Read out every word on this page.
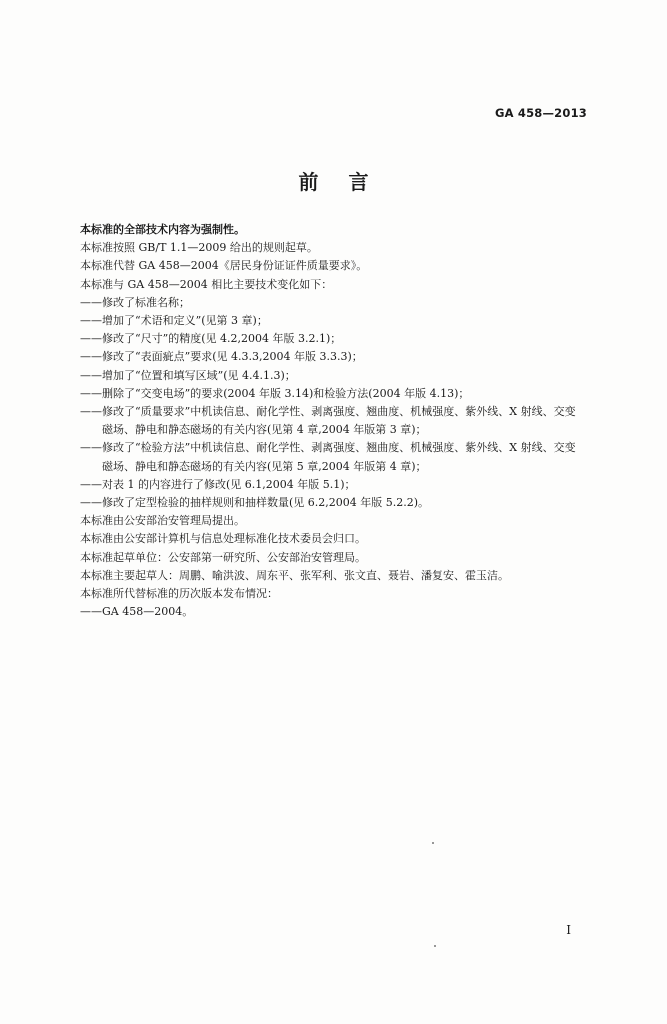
GA 458—2013
前言

本标准的全部技术内容为强制性。

本标准按照 GB/T 1.1—2009 给出的规则起草。

本标准代替 GA 458—2004《居民身份证证件质量要求》。

本标准与 GA 458—2004 相比主要技术变化如下：

——修改了标准名称；

——增加了“术语和定义”(见第 3 章)；

——修改了“尺寸”的精度(见 4.2,2004 年版 3.2.1)；

——修改了“表面疵点”要求(见 4.3.3,2004 年版 3.3.3)；

——增加了“位置和填写区域”(见 4.4.1.3)；

——删除了“交变电场”的要求(2004 年版 3.14)和检验方法(2004 年版 4.13)；

——修改了“质量要求”中机读信息、耐化学性、剥离强度、翘曲度、机械强度、紫外线、X 射线、交变

磁场、静电和静态磁场的有关内容(见第 4 章,2004 年版第 3 章)；

——修改了“检验方法”中机读信息、耐化学性、剥离强度、翘曲度、机械强度、紫外线、X 射线、交变

磁场、静电和静态磁场的有关内容(见第 5 章,2004 年版第 4 章)；

——对表 1 的内容进行了修改(见 6.1,2004 年版 5.1)；

——修改了定型检验的抽样规则和抽样数量(见 6.2,2004 年版 5.2.2)。

本标准由公安部治安管理局提出。

本标准由公安部计算机与信息处理标准化技术委员会归口。

本标准起草单位：公安部第一研究所、公安部治安管理局。

本标准主要起草人：周鹏、喻洪波、周东平、张军利、张文直、聂岩、潘复安、霍玉洁。

本标准所代替标准的历次版本发布情况：

——GA 458—2004。

I
